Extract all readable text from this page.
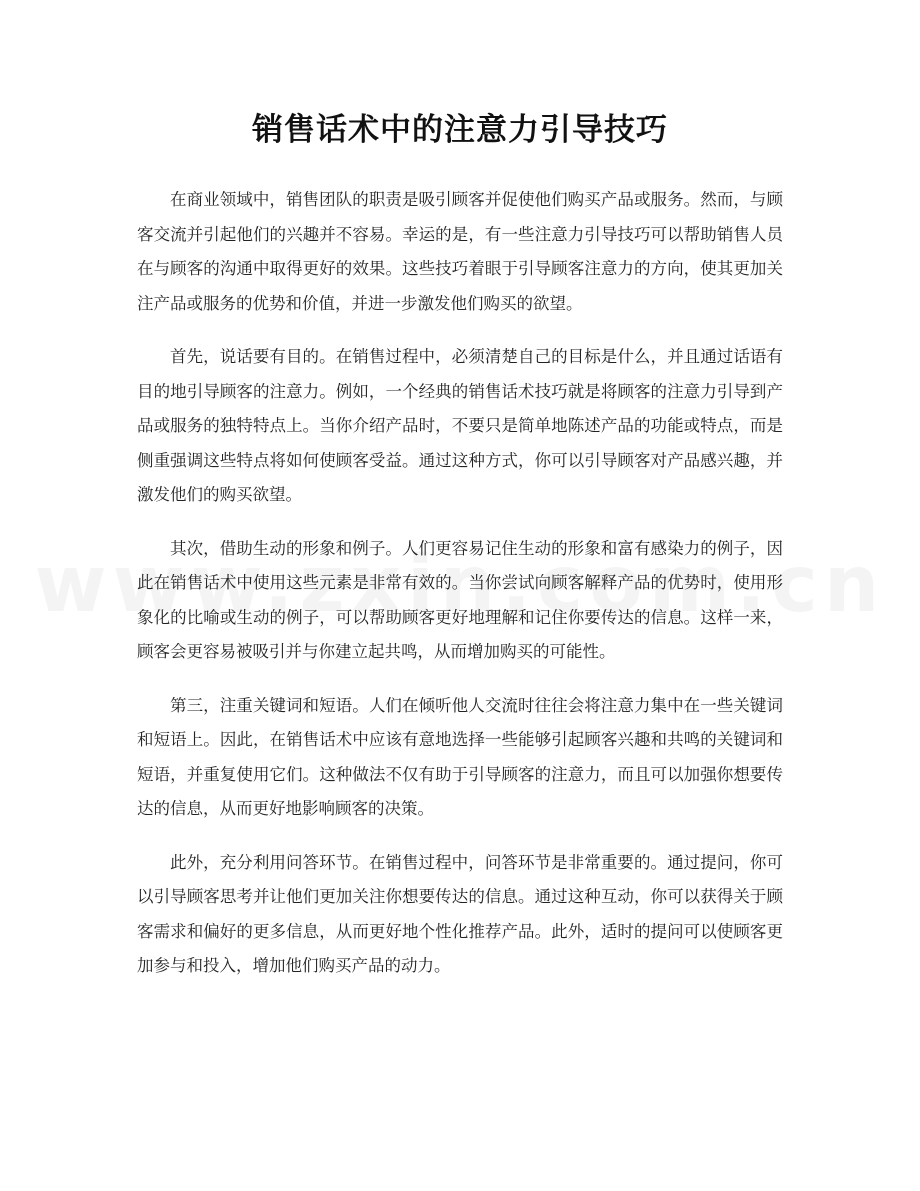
销售话术中的注意力引导技巧

在商业领域中，销售团队的职责是吸引顾客并促使他们购买产品或服务。然而，与顾客交流并引起他们的兴趣并不容易。幸运的是，有一些注意力引导技巧可以帮助销售人员在与顾客的沟通中取得更好的效果。这些技巧着眼于引导顾客注意力的方向，使其更加关注产品或服务的优势和价值，并进一步激发他们购买的欲望。

首先，说话要有目的。在销售过程中，必须清楚自己的目标是什么，并且通过话语有目的地引导顾客的注意力。例如，一个经典的销售话术技巧就是将顾客的注意力引导到产品或服务的独特特点上。当你介绍产品时，不要只是简单地陈述产品的功能或特点，而是侧重强调这些特点将如何使顾客受益。通过这种方式，你可以引导顾客对产品感兴趣，并激发他们的购买欲望。

其次，借助生动的形象和例子。人们更容易记住生动的形象和富有感染力的例子，因此在销售话术中使用这些元素是非常有效的。当你尝试向顾客解释产品的优势时，使用形象化的比喻或生动的例子，可以帮助顾客更好地理解和记住你要传达的信息。这样一来，顾客会更容易被吸引并与你建立起共鸣，从而增加购买的可能性。

第三，注重关键词和短语。人们在倾听他人交流时往往会将注意力集中在一些关键词和短语上。因此，在销售话术中应该有意地选择一些能够引起顾客兴趣和共鸣的关键词和短语，并重复使用它们。这种做法不仅有助于引导顾客的注意力，而且可以加强你想要传达的信息，从而更好地影响顾客的决策。

此外，充分利用问答环节。在销售过程中，问答环节是非常重要的。通过提问，你可以引导顾客思考并让他们更加关注你想要传达的信息。通过这种互动，你可以获得关于顾客需求和偏好的更多信息，从而更好地个性化推荐产品。此外，适时的提问可以使顾客更加参与和投入，增加他们购买产品的动力。
